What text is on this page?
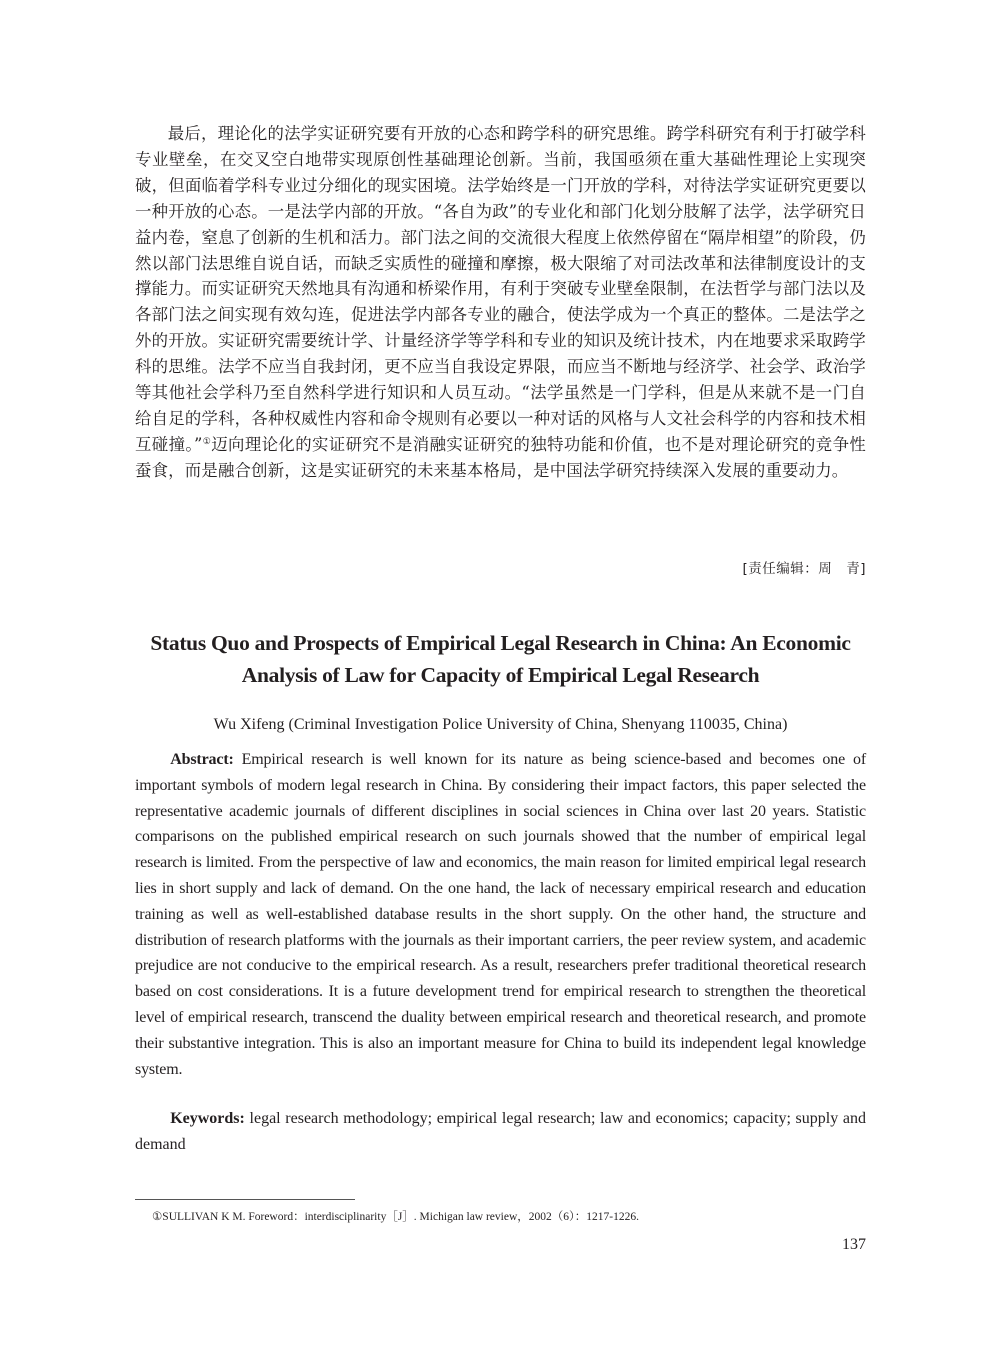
最后，理论化的法学实证研究要有开放的心态和跨学科的研究思维。跨学科研究有利于打破学科专业壁垒，在交叉空白地带实现原创性基础理论创新。当前，我国亟须在重大基础性理论上实现突破，但面临着学科专业过分细化的现实困境。法学始终是一门开放的学科，对待法学实证研究更要以一种开放的心态。一是法学内部的开放。“各自为政”的专业化和部门化划分肢解了法学，法学研究日益内卷，窒息了创新的生机和活力。部门法之间的交流很大程度上依然停留在“隔岸相望”的阶段，仍然以部门法思维自说自话，而缺乏实质性的碰撞和摩擦，极大限缩了对司法改革和法律制度设计的支撑能力。而实证研究天然地具有沟通和桥梁作用，有利于突破专业壁垒限制，在法哲学与部门法以及各部门法之间实现有效勾连，促进法学内部各专业的融合，使法学成为一个真正的整体。二是法学之外的开放。实证研究需要统计学、计量经济学等学科和专业的知识及统计技术，内在地要求采取跨学科的思维。法学不应当自我封闭，更不应当自我设定界限，而应当不断地与经济学、社会学、政治学等其他社会学科乃至自然科学进行知识和人员互动。“法学虽然是一门学科，但是从来就不是一门自给自足的学科，各种权威性内容和命令规则有必要以一种对话的风格与人文社会科学的内容和技术相互碰撞。”①迈向理论化的实证研究不是消融实证研究的独特功能和价值，也不是对理论研究的竞争性蚕食，而是融合创新，这是实证研究的未来基本格局，是中国法学研究持续深入发展的重要动力。

[责任编辑：周　青]
Status Quo and Prospects of Empirical Legal Research in China: An Economic Analysis of Law for Capacity of Empirical Legal Research
Wu Xifeng (Criminal Investigation Police University of China, Shenyang 110035, China)

Abstract: Empirical research is well known for its nature as being science-based and becomes one of important symbols of modern legal research in China. By considering their impact factors, this paper selected the representative academic journals of different disciplines in social sciences in China over last 20 years. Statistic comparisons on the published empirical research on such journals showed that the number of empirical legal research is limited. From the perspective of law and economics, the main reason for limited empirical legal research lies in short supply and lack of demand. On the one hand, the lack of necessary empirical research and education training as well as well-established database results in the short supply. On the other hand, the structure and distribution of research platforms with the journals as their important carriers, the peer review system, and academic prejudice are not conducive to the empirical research. As a result, researchers prefer traditional theoretical research based on cost considerations. It is a future development trend for empirical research to strengthen the theoretical level of empirical research, transcend the duality between empirical research and theoretical research, and promote their substantive integration. This is also an important measure for China to build its independent legal knowledge system.

Keywords: legal research methodology; empirical legal research; law and economics; capacity; supply and demand

①SULLIVAN K M. Foreword：interdisciplinarity［J］. Michigan law review，2002（6）：1217-1226.
137
